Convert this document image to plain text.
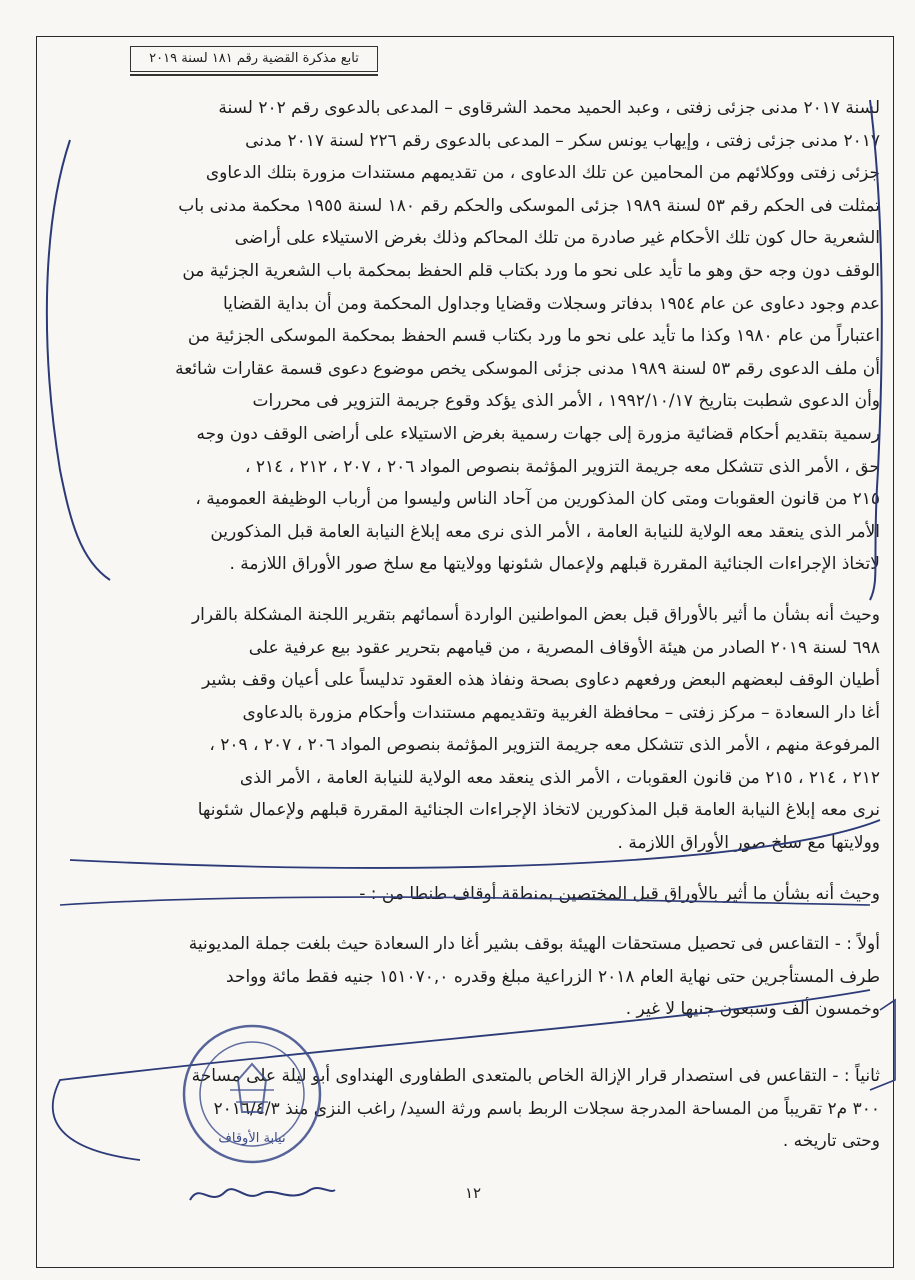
تابع مذكرة القضية رقم ١٨١ لسنة ٢٠١٩
لسنة ٢٠١٧ مدنى جزئى زفتى ، وعبد الحميد محمد الشرقاوى – المدعى بالدعوى رقم ٢٠٢ لسنة
٢٠١٧ مدنى جزئى زفتى ، وإيهاب يونس سكر – المدعى بالدعوى رقم ٢٢٦ لسنة ٢٠١٧ مدنى
جزئى زفتى ووكلائهم من المحامين عن تلك الدعاوى ، من تقديمهم مستندات مزورة بتلك الدعاوى
تمثلت فى الحكم رقم ٥٣ لسنة ١٩٨٩ جزئى الموسكى والحكم رقم ١٨٠ لسنة ١٩٥٥ محكمة مدنى باب
الشعرية حال كون تلك الأحكام غير صادرة من تلك المحاكم وذلك بغرض الاستيلاء على أراضى
الوقف دون وجه حق وهو ما تأيد على نحو ما ورد بكتاب قلم الحفظ بمحكمة باب الشعرية الجزئية من
عدم وجود دعاوى عن عام ١٩٥٤ بدفاتر وسجلات وقضايا وجداول المحكمة ومن أن بداية القضايا
اعتباراً من عام ١٩٨٠ وكذا ما تأيد على نحو ما ورد بكتاب قسم الحفظ بمحكمة الموسكى الجزئية من
أن ملف الدعوى رقم ٥٣ لسنة ١٩٨٩ مدنى جزئى الموسكى يخص موضوع دعوى قسمة عقارات شائعة
وأن الدعوى شطبت بتاريخ ١٩٩٢/١٠/١٧ ، الأمر الذى يؤكد وقوع جريمة التزوير فى محررات
رسمية بتقديم أحكام قضائية مزورة إلى جهات رسمية بغرض الاستيلاء على أراضى الوقف دون وجه
حق ، الأمر الذى تتشكل معه جريمة التزوير المؤثمة بنصوص المواد ٢٠٦ ، ٢٠٧ ، ٢١٢ ، ٢١٤ ،
٢١٥ من قانون العقوبات ومتى كان المذكورين من آحاد الناس وليسوا من أرباب الوظيفة العمومية ،
الأمر الذى ينعقد معه الولاية للنيابة العامة ، الأمر الذى نرى معه إبلاغ النيابة العامة قبل المذكورين
لاتخاذ الإجراءات الجنائية المقررة قبلهم ولإعمال شئونها وولايتها مع سلخ صور الأوراق اللازمة .
وحيث أنه بشأن ما أثير بالأوراق قبل بعض المواطنين الواردة أسمائهم بتقرير اللجنة المشكلة بالقرار
٦٩٨ لسنة ٢٠١٩ الصادر من هيئة الأوقاف المصرية ، من قيامهم بتحرير عقود بيع عرفية على
أطيان الوقف لبعضهم البعض ورفعهم دعاوى بصحة ونفاذ هذه العقود تدليساً على أعيان وقف بشير
أغا دار السعادة – مركز زفتى – محافظة الغربية وتقديمهم مستندات وأحكام مزورة بالدعاوى
المرفوعة منهم ، الأمر الذى تتشكل معه جريمة التزوير المؤثمة بنصوص المواد ٢٠٦ ، ٢٠٧ ، ٢٠٩ ،
٢١٢ ، ٢١٤ ، ٢١٥ من قانون العقوبات ، الأمر الذى ينعقد معه الولاية للنيابة العامة ، الأمر الذى
نرى معه إبلاغ النيابة العامة قبل المذكورين لاتخاذ الإجراءات الجنائية المقررة قبلهم ولإعمال شئونها
وولايتها مع سلخ صور الأوراق اللازمة .
وحيث أنه بشأن ما أثير بالأوراق قبل المختصين بمنطقة أوقاف طنطا من : -
أولاً : - التقاعس فى تحصيل مستحقات الهيئة بوقف بشير أغا دار السعادة حيث بلغت جملة المديونية
طرف المستأجرين حتى نهاية العام ٢٠١٨ الزراعية مبلغ وقدره ١٥١٠٧٠,٠ جنيه فقط مائة وواحد
وخمسون ألف وسبعون جنيها لا غير .
ثانياً : - التقاعس فى استصدار قرار الإزالة الخاص بالمتعدى الطفاورى الهنداوى أبو ليلة على مساحة
٣٠٠ م٢ تقريباً من المساحة المدرجة سجلات الربط باسم ورثة السيد/ راغب النزى منذ ٢٠١٦/٤/٣
وحتى تاريخه .
نيابة الأوقاف
١٢
